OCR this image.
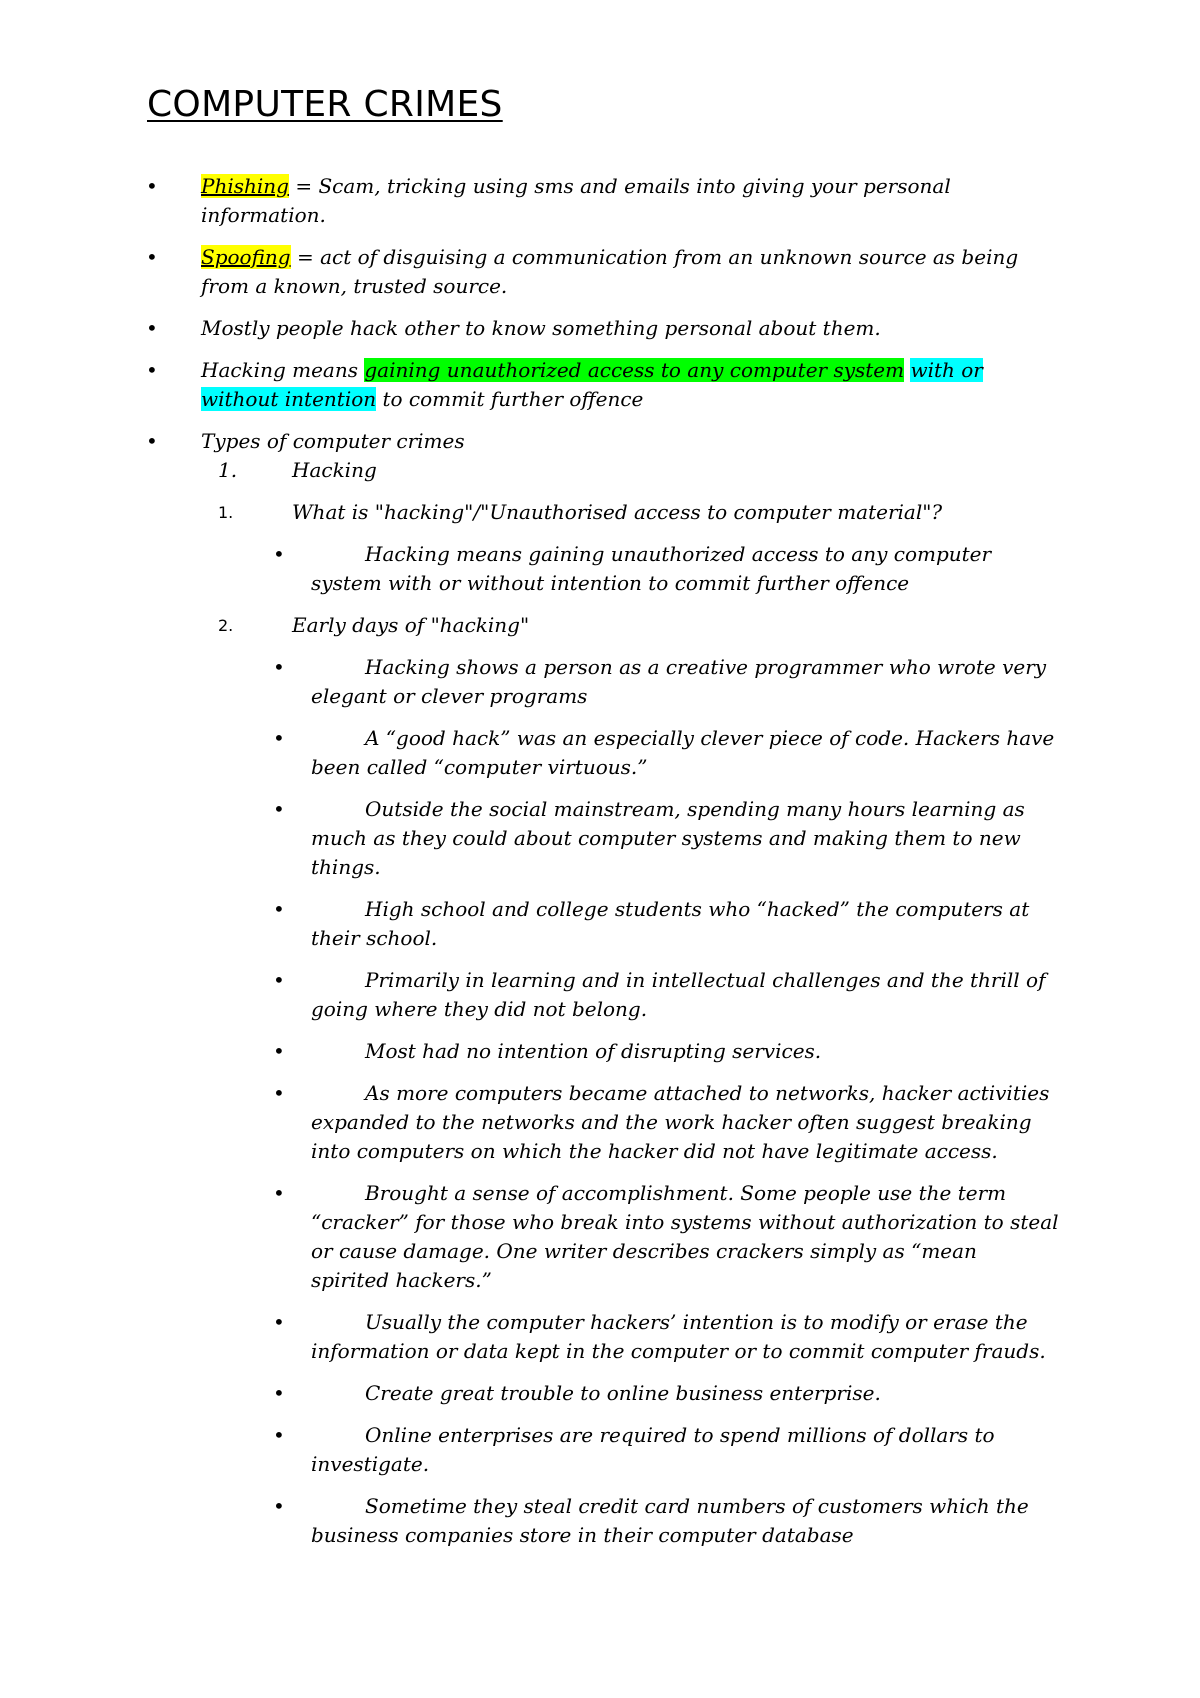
COMPUTER CRIMES
• Phishing = Scam, tricking using sms and emails into giving your personal information.
• Spoofing = act of disguising a communication from an unknown source as being from a known, trusted source.
• Mostly people hack other to know something personal about them.
• Hacking means gaining unauthorized access to any computer system with or without intention to commit further offence
• Types of computer crimes
1.	Hacking
1.	What is "hacking"/"Unauthorised access to computer material"?
•	Hacking means gaining unauthorized access to any computer system with or without intention to commit further offence
2.	Early days of "hacking"
•	Hacking shows a person as a creative programmer who wrote very elegant or clever programs
•	A “good hack” was an especially clever piece of code. Hackers have been called “computer virtuous.”
•	Outside the social mainstream, spending many hours learning as much as they could about computer systems and making them to new things.
•	High school and college students who “hacked” the computers at their school.
•	Primarily in learning and in intellectual challenges and the thrill of going where they did not belong.
•	Most had no intention of disrupting services.
•	As more computers became attached to networks, hacker activities expanded to the networks and the work hacker often suggest breaking into computers on which the hacker did not have legitimate access.
•	Brought a sense of accomplishment. Some people use the term “cracker” for those who break into systems without authorization to steal or cause damage. One writer describes crackers simply as “mean spirited hackers.”
•	Usually the computer hackers’ intention is to modify or erase the information or data kept in the computer or to commit computer frauds.
•	Create great trouble to online business enterprise.
•	Online enterprises are required to spend millions of dollars to investigate.
•	Sometime they steal credit card numbers of customers which the business companies store in their computer database
